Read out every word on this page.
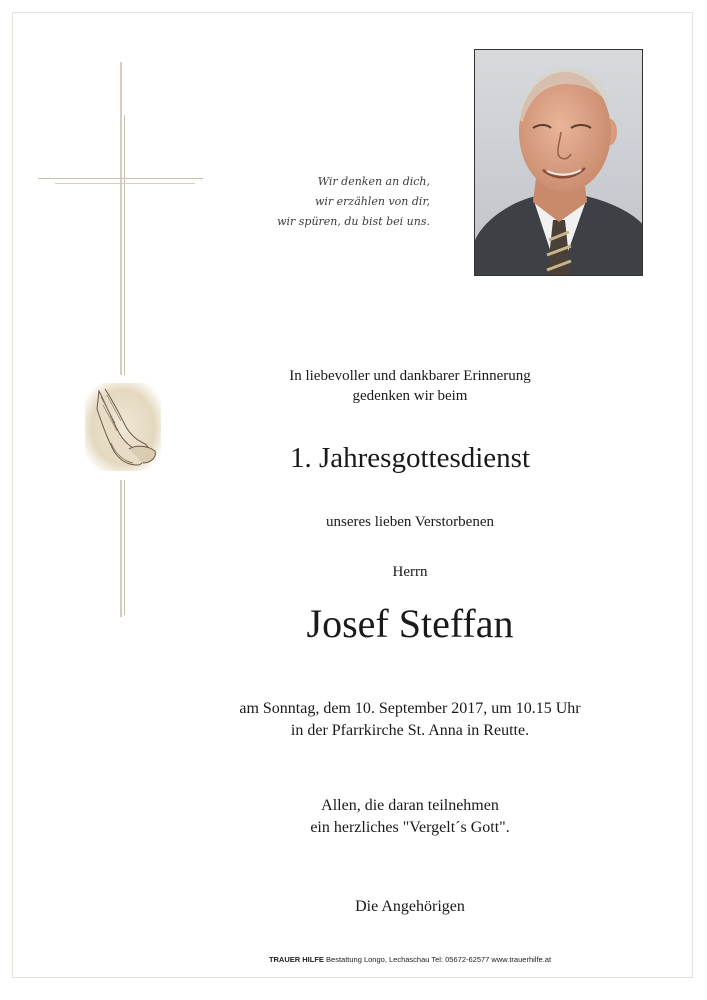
Wir denken an dich,
wir erzählen von dir,
wir spüren, du bist bei uns.
In liebevoller und dankbarer Erinnerung
gedenken wir beim
1. Jahresgottesdienst
unseres lieben Verstorbenen
Herrn
Josef Steffan
am Sonntag, dem 10. September 2017, um 10.15 Uhr
in der Pfarrkirche St. Anna in Reutte.
Allen, die daran teilnehmen
ein herzliches "Vergelt´s Gott".
Die Angehörigen
TRAUER HILFE Bestattung Longo, Lechaschau Tel: 05672-62577 www.trauerhilfe.at
